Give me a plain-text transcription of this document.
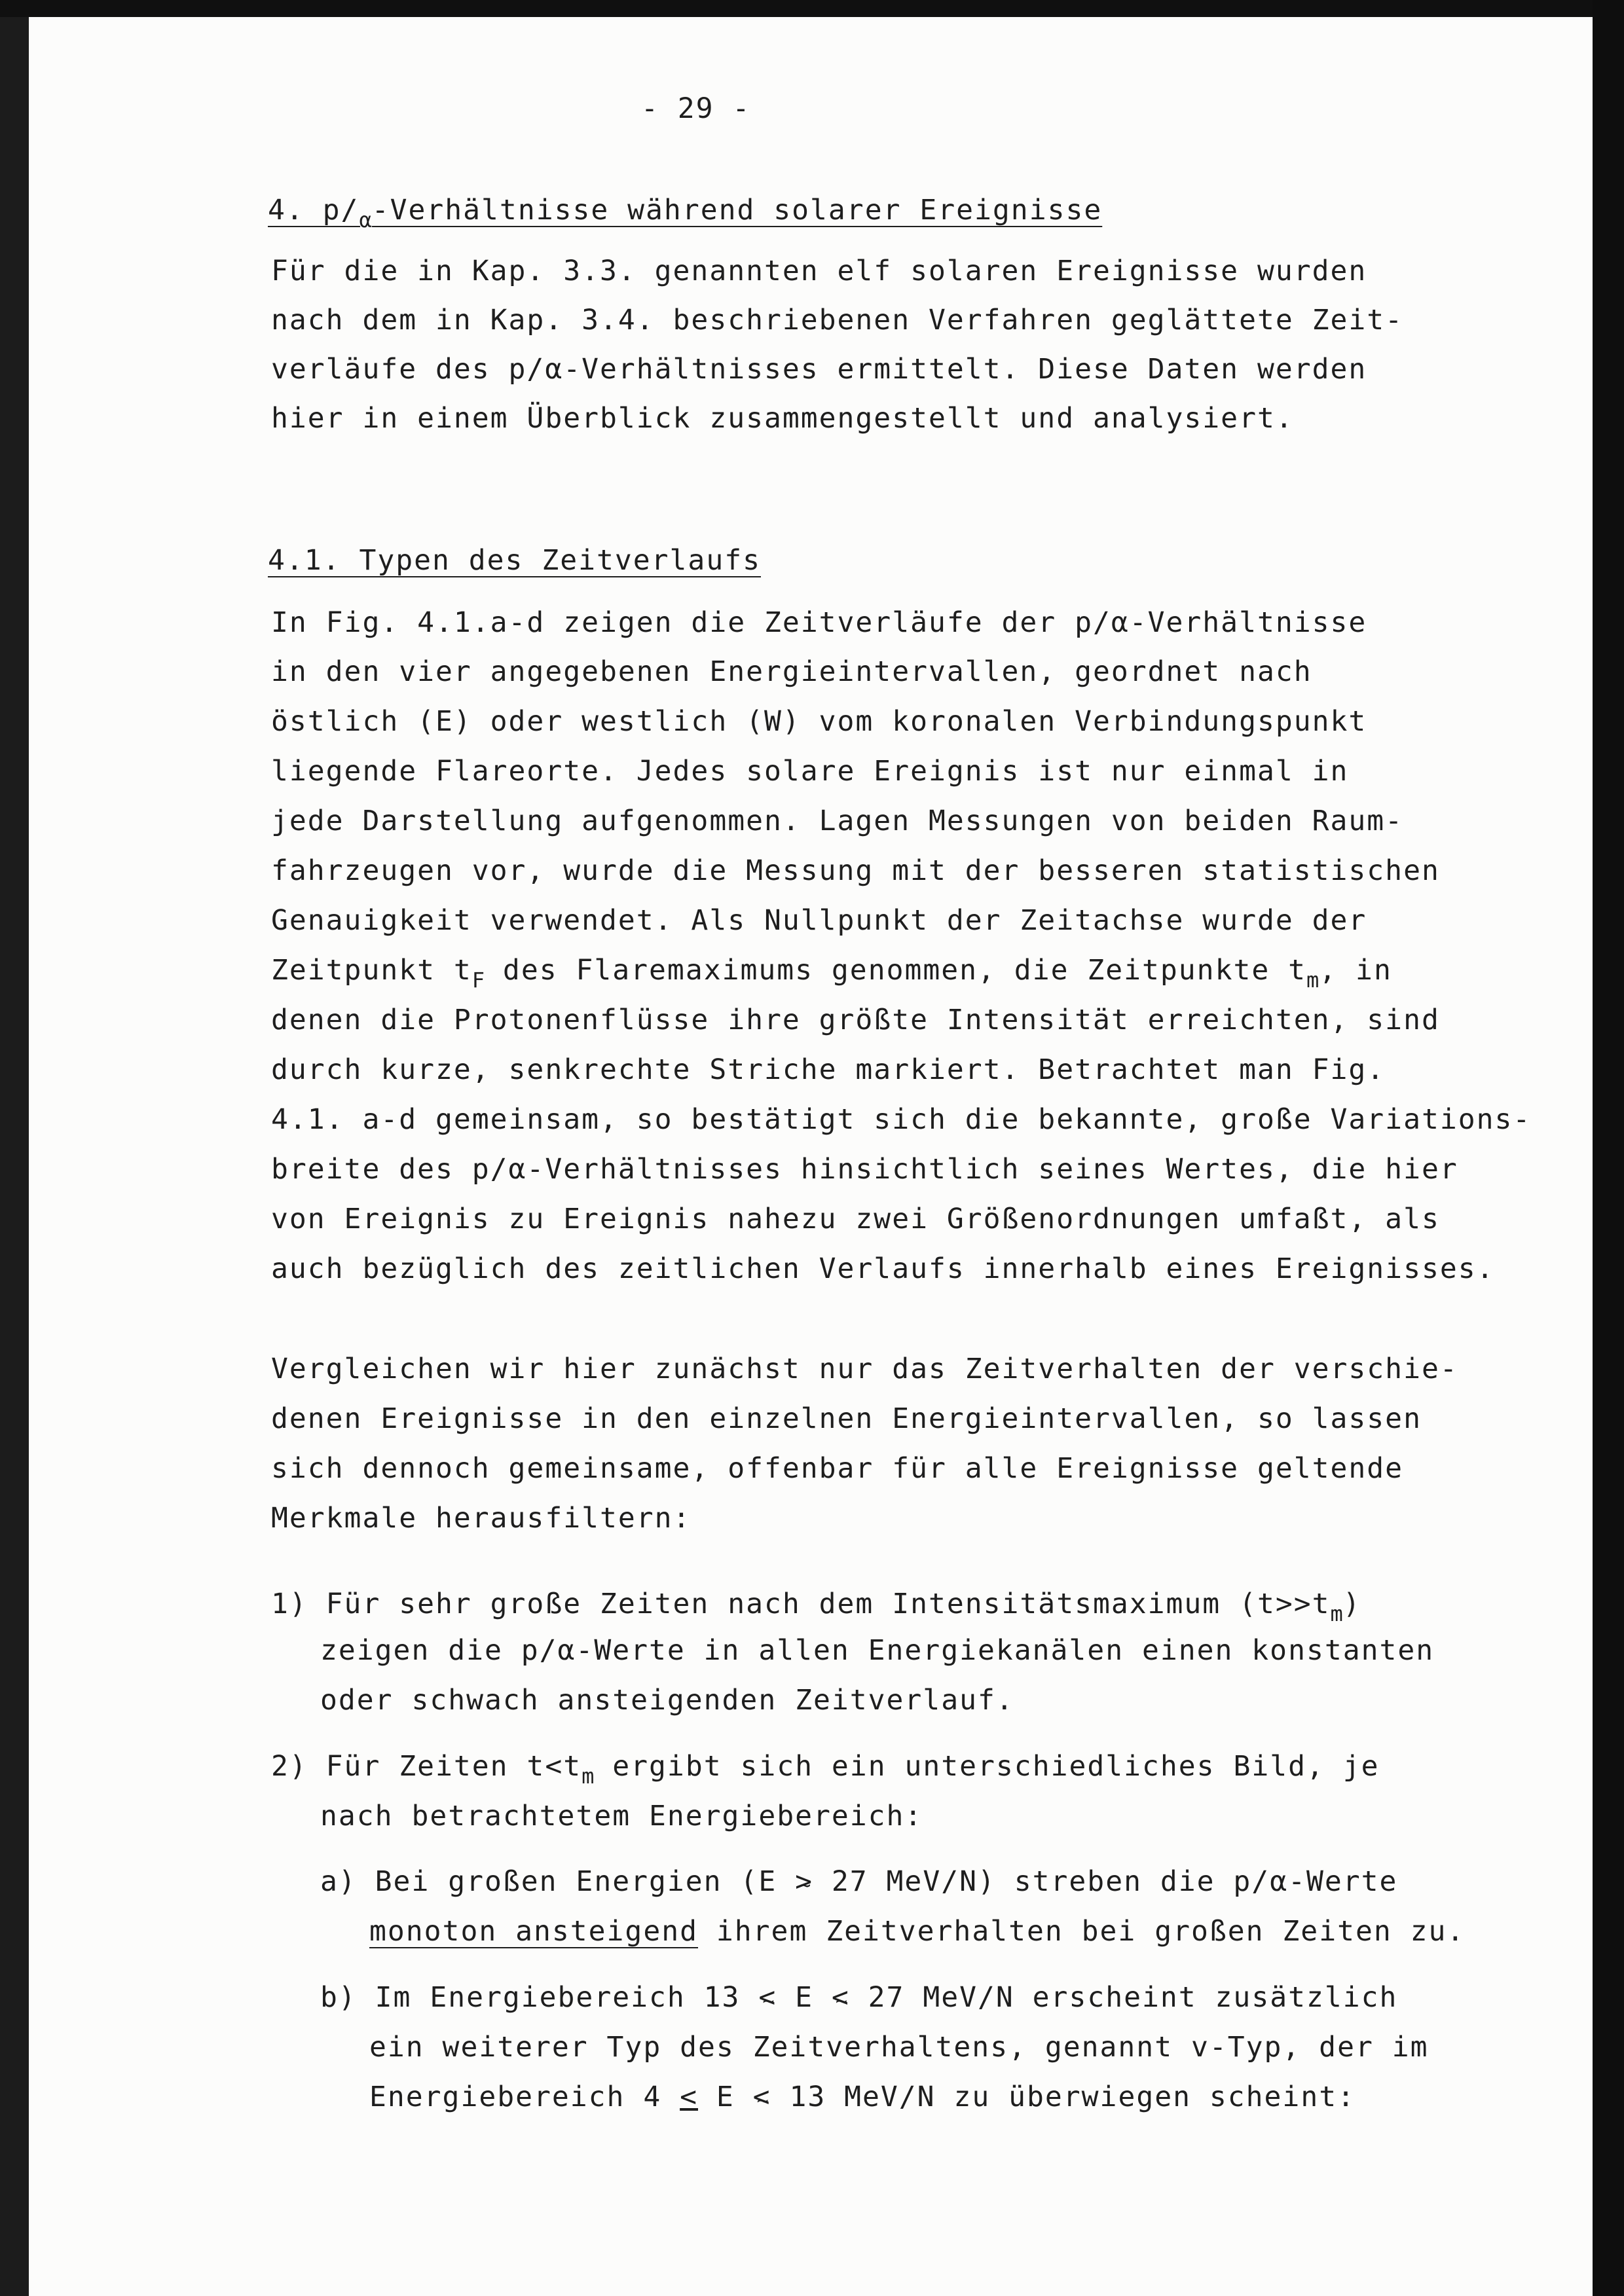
- 29 -
4. $p/_\alpha$-Verhältnisse während solarer Ereignisse
Für die in Kap. 3.3. genannten elf solaren Ereignisse wurden
nach dem in Kap. 3.4. beschriebenen Verfahren geglättete Zeit-
verläufe des p/α-Verhältnisses ermittelt. Diese Daten werden
hier in einem Überblick zusammengestellt und analysiert.
4.1. Typen des Zeitverlaufs
In Fig. 4.1.a-d zeigen die Zeitverläufe der p/α-Verhältnisse
in den vier angegebenen Energieintervallen, geordnet nach
östlich (E) oder westlich (W) vom koronalen Verbindungspunkt
liegende Flareorte. Jedes solare Ereignis ist nur einmal in
jede Darstellung aufgenommen. Lagen Messungen von beiden Raum-
fahrzeugen vor, wurde die Messung mit der besseren statistischen
Genauigkeit verwendet. Als Nullpunkt der Zeitachse wurde der
Zeitpunkt $t_F$ des Flaremaximums genommen, die Zeitpunkte $t_m$, in
denen die Protonenflüsse ihre größte Intensität erreichten, sind
durch kurze, senkrechte Striche markiert. Betrachtet man Fig.
4.1. a-d gemeinsam, so bestätigt sich die bekannte, große Variations-
breite des p/α-Verhältnisses hinsichtlich seines Wertes, die hier
von Ereignis zu Ereignis nahezu zwei Größenordnungen umfaßt, als
auch bezüglich des zeitlichen Verlaufs innerhalb eines Ereignisses.
Vergleichen wir hier zunächst nur das Zeitverhalten der verschie-
denen Ereignisse in den einzelnen Energieintervallen, so lassen
sich dennoch gemeinsame, offenbar für alle Ereignisse geltende
Merkmale herausfiltern:
1) Für sehr große Zeiten nach dem Intensitätsmaximum $(t>>t_m)$
zeigen die p/α-Werte in allen Energiekanälen einen konstanten
oder schwach ansteigenden Zeitverlauf.
2) Für Zeiten $t<t_m$ ergibt sich ein unterschiedliches Bild, je
nach betrachtetem Energiebereich:
a) Bei großen Energien (E > ~ 27 MeV/N) streben die p/α-Werte
monoton ansteigend ihrem Zeitverhalten bei großen Zeiten zu.
b) Im Energiebereich 13 < ~ E < ~ 27 MeV/N erscheint zusätzlich
ein weiterer Typ des Zeitverhaltens, genannt v-Typ, der im
Energiebereich 4 ≤ E < ~ 13 MeV/N zu überwiegen scheint:
